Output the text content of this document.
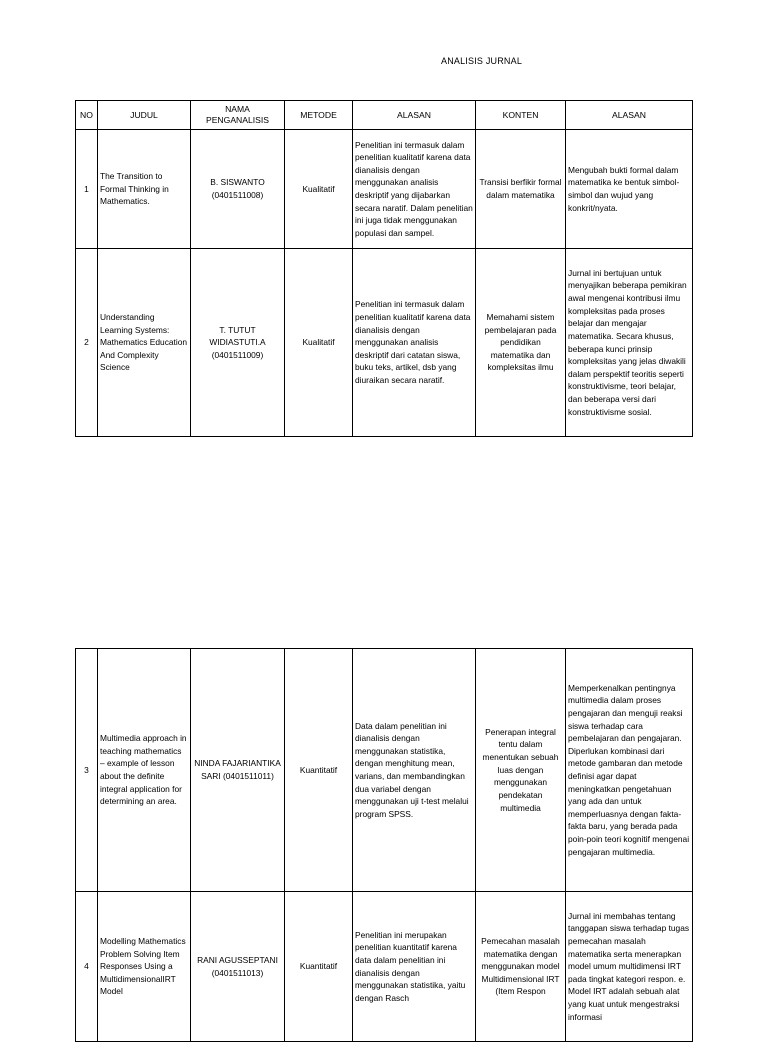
ANALISIS JURNAL
NO	JUDUL	NAMA PENGANALISIS	METODE	ALASAN	KONTEN	ALASAN
1	The Transition to Formal Thinking in Mathematics.	B. SISWANTO (0401511008)	Kualitatif	Penelitian ini termasuk dalam penelitian kualitatif karena data dianalisis dengan menggunakan analisis deskriptif yang dijabarkan secara naratif. Dalam penelitian ini juga tidak menggunakan populasi dan sampel.	Transisi berfikir formal dalam matematika	Mengubah bukti formal dalam matematika ke bentuk simbol-simbol dan wujud yang konkrit/nyata.
2	Understanding Learning Systems: Mathematics Education And Complexity Science	T. TUTUT WIDIASTUTI.A (0401511009)	Kualitatif	Penelitian ini termasuk dalam penelitian kualitatif karena data dianalisis dengan menggunakan analisis deskriptif dari catatan siswa, buku teks, artikel, dsb yang diuraikan secara naratif.	Memahami sistem pembelajaran pada pendidikan matematika dan kompleksitas ilmu	Jurnal ini bertujuan untuk menyajikan beberapa pemikiran awal mengenai kontribusi ilmu kompleksitas pada proses belajar dan mengajar matematika. Secara khusus, beberapa kunci prinsip kompleksitas yang jelas diwakili dalam perspektif teoritis seperti konstruktivisme, teori belajar, dan beberapa versi dari konstruktivisme sosial.
3	Multimedia approach in teaching mathematics – example of lesson about the definite integral application for determining an area.	NINDA FAJARIANTIKA SARI (0401511011)	Kuantitatif	Data dalam penelitian ini dianalisis dengan menggunakan statistika, dengan menghitung mean, varians, dan membandingkan dua variabel dengan menggunakan uji t-test melalui program SPSS.	Penerapan integral tentu dalam menentukan sebuah luas dengan menggunakan pendekatan multimedia	Memperkenalkan pentingnya multimedia dalam proses pengajaran dan menguji reaksi siswa terhadap cara pembelajaran dan pengajaran. Diperlukan kombinasi dari metode gambaran dan metode definisi agar dapat meningkatkan pengetahuan yang ada dan untuk memperluasnya dengan fakta-fakta baru, yang berada pada poin-poin teori kognitif mengenai pengajaran multimedia.
4	Modelling Mathematics Problem Solving Item Responses Using a MultidimensionalIRT Model	RANI AGUSSEPTANI (0401511013)	Kuantitatif	Penelitian ini merupakan penelitian kuantitatif karena data dalam penelitian ini dianalisis dengan menggunakan statistika, yaitu dengan Rasch	Pemecahan masalah matematika dengan menggunakan model Multidimensional IRT (Item Respon	Jurnal ini membahas tentang tanggapan siswa terhadap tugas pemecahan masalah matematika serta menerapkan model umum multidimensi IRT pada tingkat kategori respon. e. Model IRT adalah sebuah alat yang kuat untuk mengestraksi informasi
